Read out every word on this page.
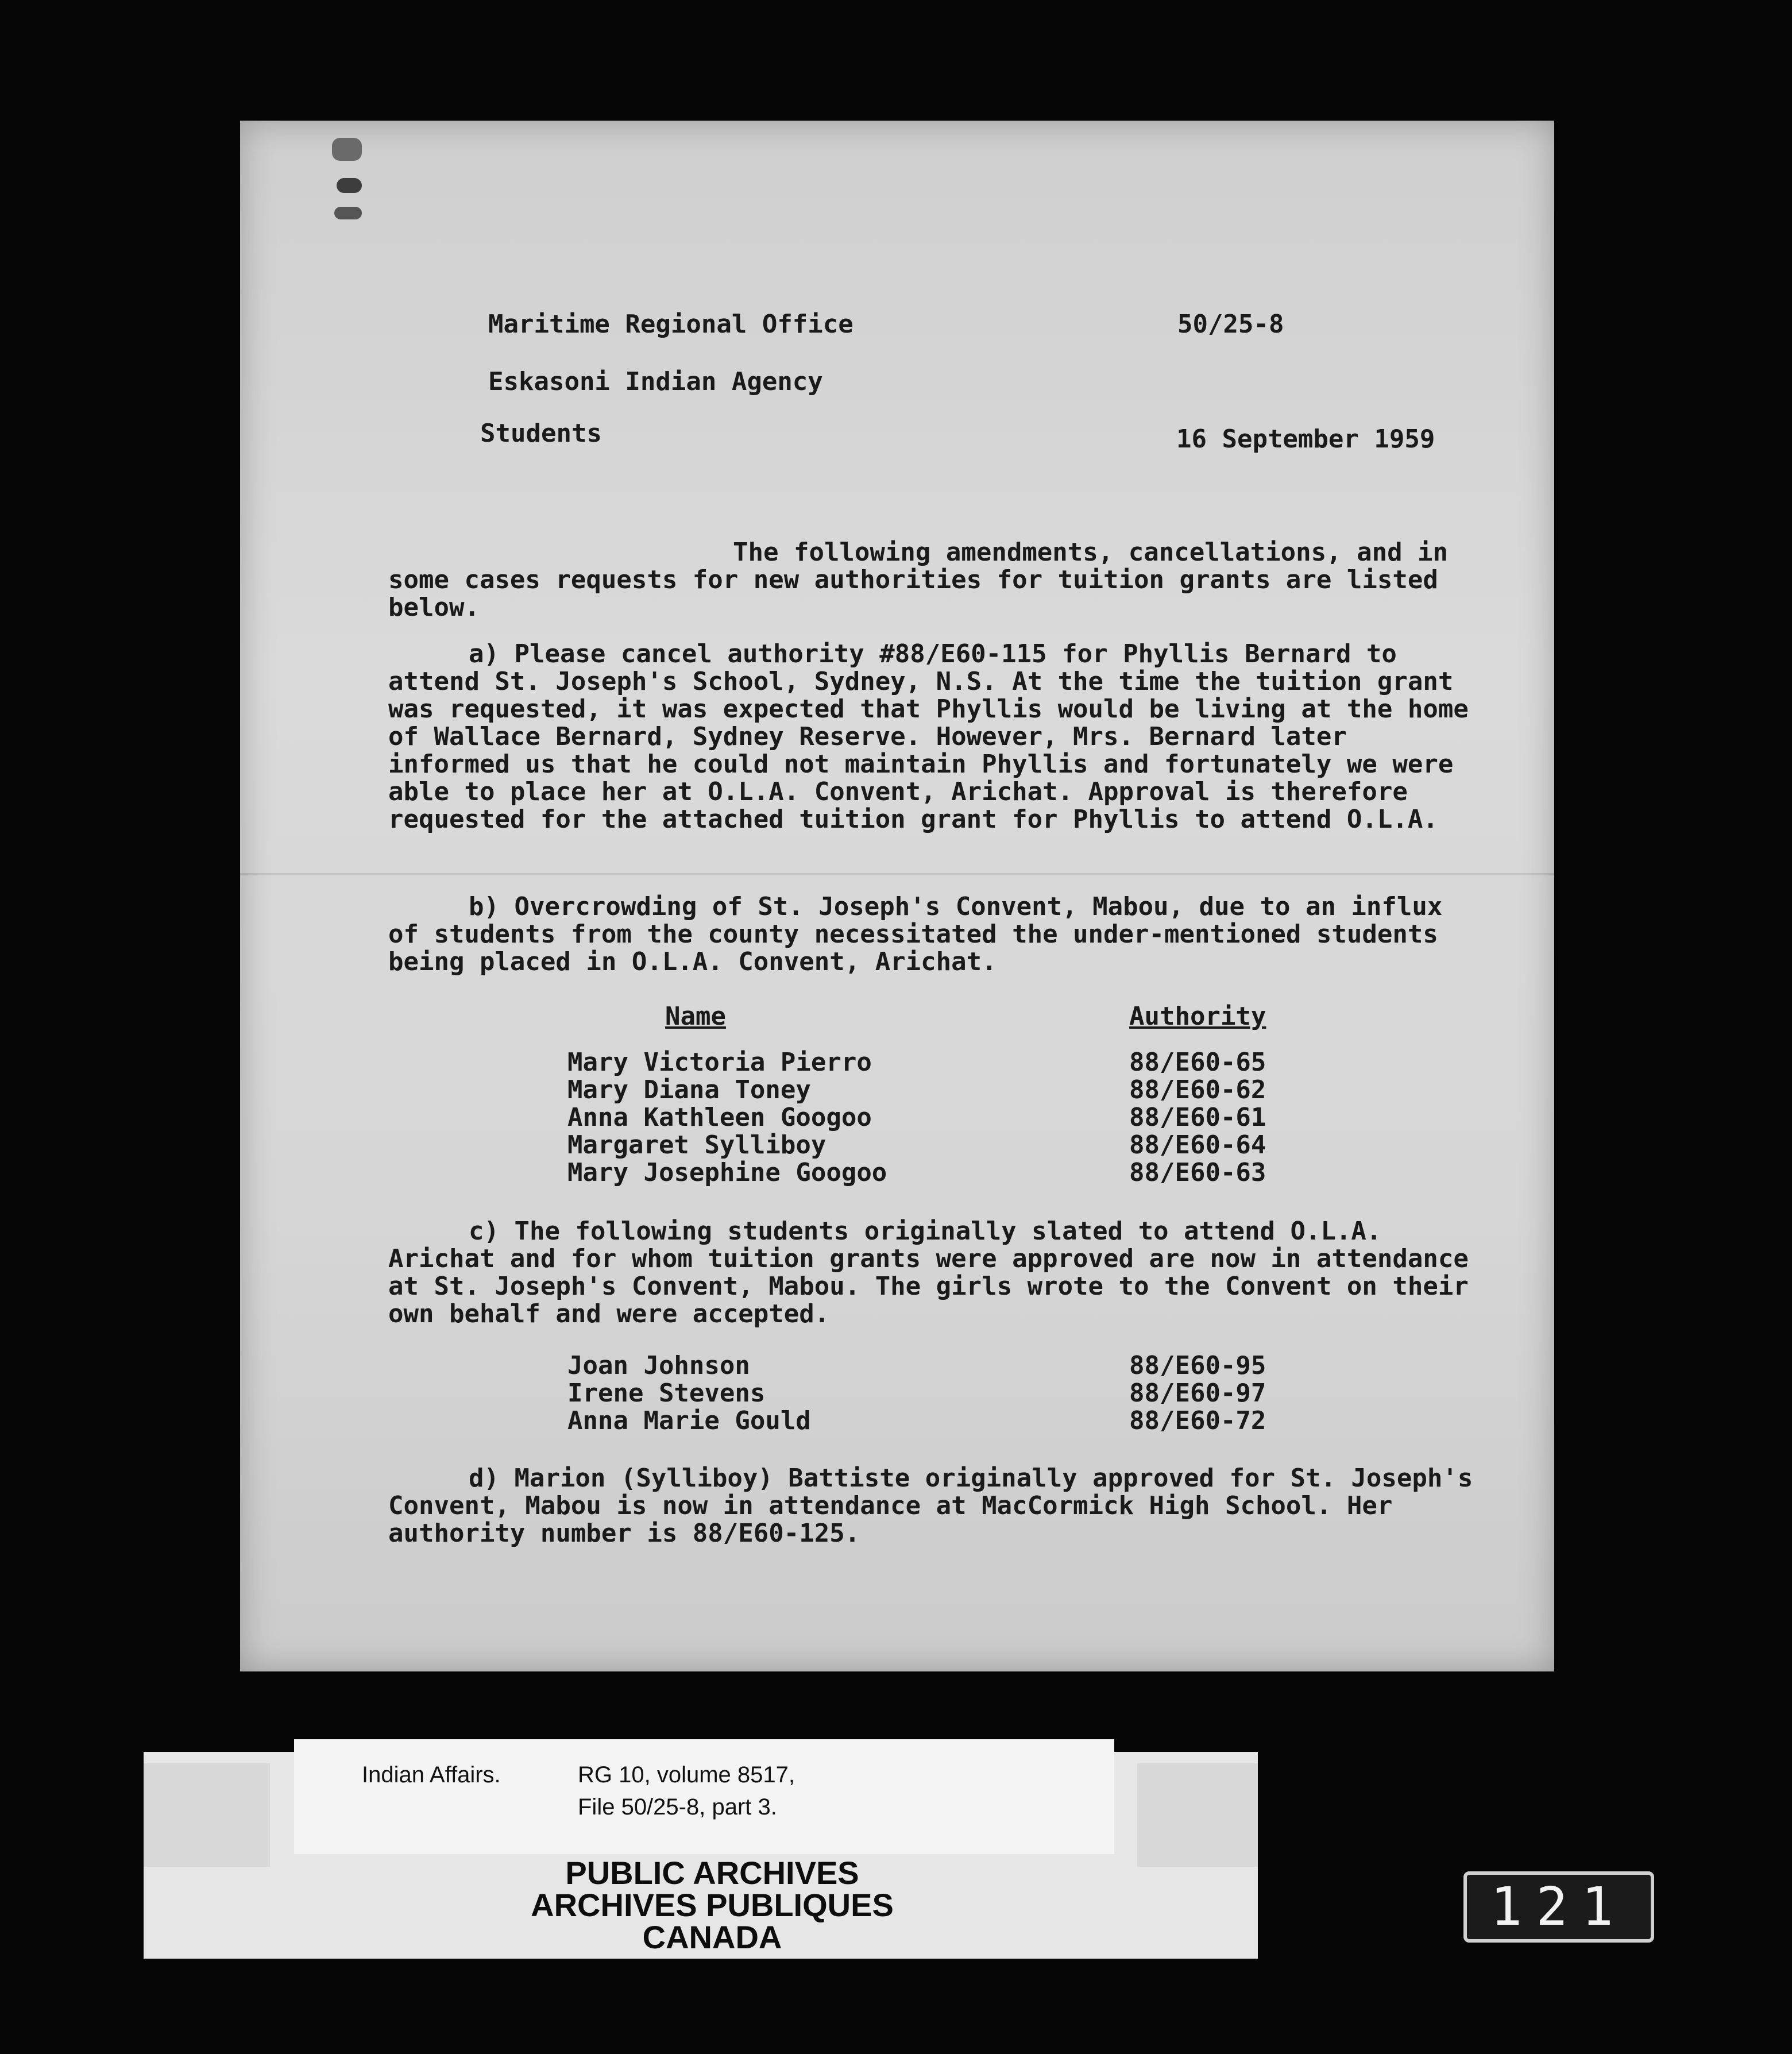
Maritime Regional Office	50/25-8
Eskasoni Indian Agency
Students	16 September 1959
The following amendments, cancellations, and in some cases requests for new authorities for tuition grants are listed below.
a) Please cancel authority #88/E60-115 for Phyllis Bernard to attend St. Joseph's School, Sydney, N.S. At the time the tuition grant was requested, it was expected that Phyllis would be living at the home of Wallace Bernard, Sydney Reserve. However, Mrs. Bernard later informed us that he could not maintain Phyllis and fortunately we were able to place her at O.L.A. Convent, Arichat. Approval is therefore requested for the attached tuition grant for Phyllis to attend O.L.A.
b) Overcrowding of St. Joseph's Convent, Mabou, due to an influx of students from the county necessitated the under-mentioned students being placed in O.L.A. Convent, Arichat.
Name	Authority
Mary Victoria Pierro	88/E60-65
Mary Diana Toney	88/E60-62
Anna Kathleen Googoo	88/E60-61
Margaret Sylliboy	88/E60-64
Mary Josephine Googoo	88/E60-63
c) The following students originally slated to attend O.L.A. Arichat and for whom tuition grants were approved are now in attendance at St. Joseph's Convent, Mabou. The girls wrote to the Convent on their own behalf and were accepted.
Joan Johnson	88/E60-95
Irene Stevens	88/E60-97
Anna Marie Gould	88/E60-72
d) Marion (Sylliboy) Battiste originally approved for St. Joseph's Convent, Mabou is now in attendance at MacCormick High School. Her authority number is 88/E60-125.
Indian Affairs.	RG 10, volume 8517,
File 50/25-8, part 3.
PUBLIC ARCHIVES
ARCHIVES PUBLIQUES
CANADA	121
